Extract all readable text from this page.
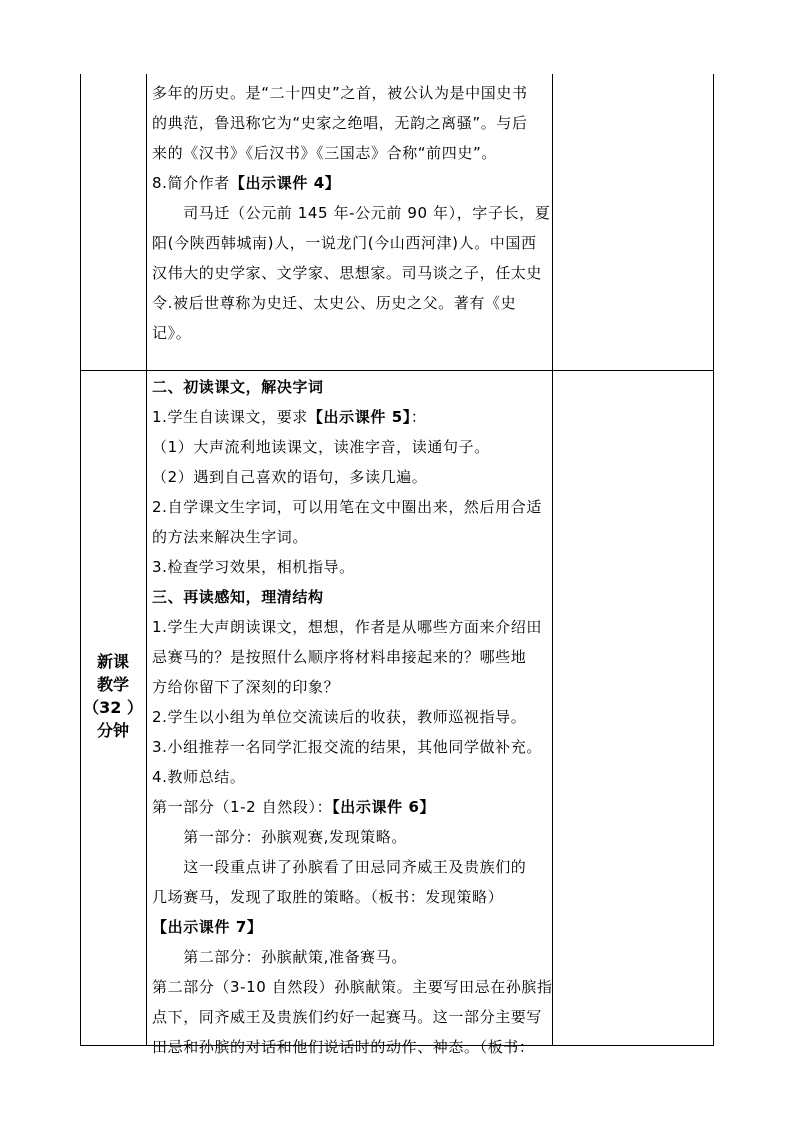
多年的历史。是“二十四史”之首，被公认为是中国史书
的典范，鲁迅称它为“史家之绝唱，无韵之离骚”。与后
来的《汉书》《后汉书》《三国志》合称“前四史”。
8.简介作者【出示课件 4】
　　司马迁（公元前 145 年-公元前 90 年），字子长，夏
阳(今陕西韩城南)人，一说龙门(今山西河津)人。中国西
汉伟大的史学家、文学家、思想家。司马谈之子，任太史
令.被后世尊称为史迁、太史公、历史之父。著有《史
记》。
新课
教学
（32 ）
分钟
二、初读课文，解决字词
1.学生自读课文，要求【出示课件 5】：
（1）大声流利地读课文，读准字音，读通句子。
（2）遇到自己喜欢的语句，多读几遍。
2.自学课文生字词，可以用笔在文中圈出来，然后用合适
的方法来解决生字词。
3.检查学习效果，相机指导。
三、再读感知，理清结构
1.学生大声朗读课文，想想，作者是从哪些方面来介绍田
忌赛马的？是按照什么顺序将材料串接起来的？哪些地
方给你留下了深刻的印象？
2.学生以小组为单位交流读后的收获，教师巡视指导。
3.小组推荐一名同学汇报交流的结果，其他同学做补充。
4.教师总结。
第一部分（1-2 自然段）：【出示课件 6】
　　第一部分：孙膑观赛,发现策略。
　　这一段重点讲了孙膑看了田忌同齐威王及贵族们的
几场赛马，发现了取胜的策略。（板书：发现策略）
【出示课件 7】
　　第二部分：孙膑献策,准备赛马。
第二部分（3-10 自然段）孙膑献策。主要写田忌在孙膑指
点下，同齐威王及贵族们约好一起赛马。这一部分主要写
田忌和孙膑的对话和他们说话时的动作、神态。（板书：
